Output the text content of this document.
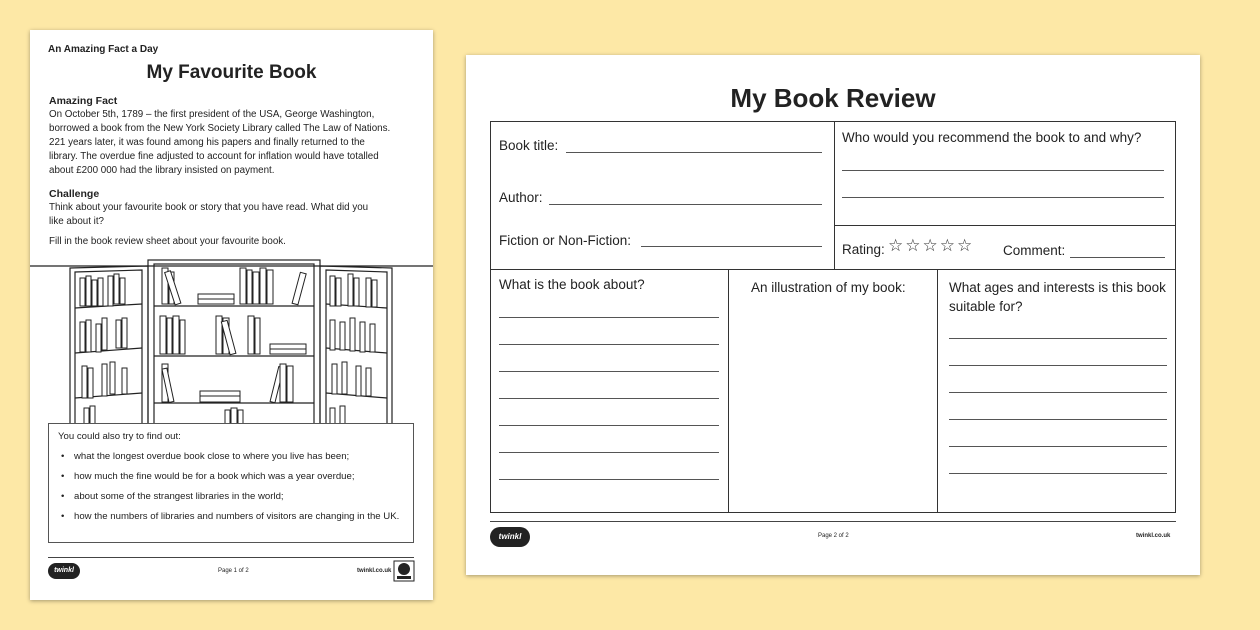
An Amazing Fact a Day
My Favourite Book
Amazing Fact
On October 5th, 1789 – the first president of the USA, George Washington,
borrowed a book from the New York Society Library called The Law of Nations.
221 years later, it was found among his papers and finally returned to the
library. The overdue fine adjusted to account for inflation would have totalled
about £200 000 had the library insisted on payment.
Challenge
Think about your favourite book or story that you have read. What did you
like about it?
Fill in the book review sheet about your favourite book.
You could also try to find out:
• what the longest overdue book close to where you live has been;
• how much the fine would be for a book which was a year overdue;
• about some of the strangest libraries in the world;
• how the numbers of libraries and numbers of visitors are changing in the UK.
twinkl	Page 1 of 2	twinkl.co.uk
My Book Review
Book title:
Author:
Fiction or Non-Fiction:
Who would you recommend the book to and why?
Rating: ☆☆☆☆☆ Comment:
What is the book about?	An illustration of my book:	What ages and interests is this book
suitable for?
twinkl	Page 2 of 2	twinkl.co.uk
